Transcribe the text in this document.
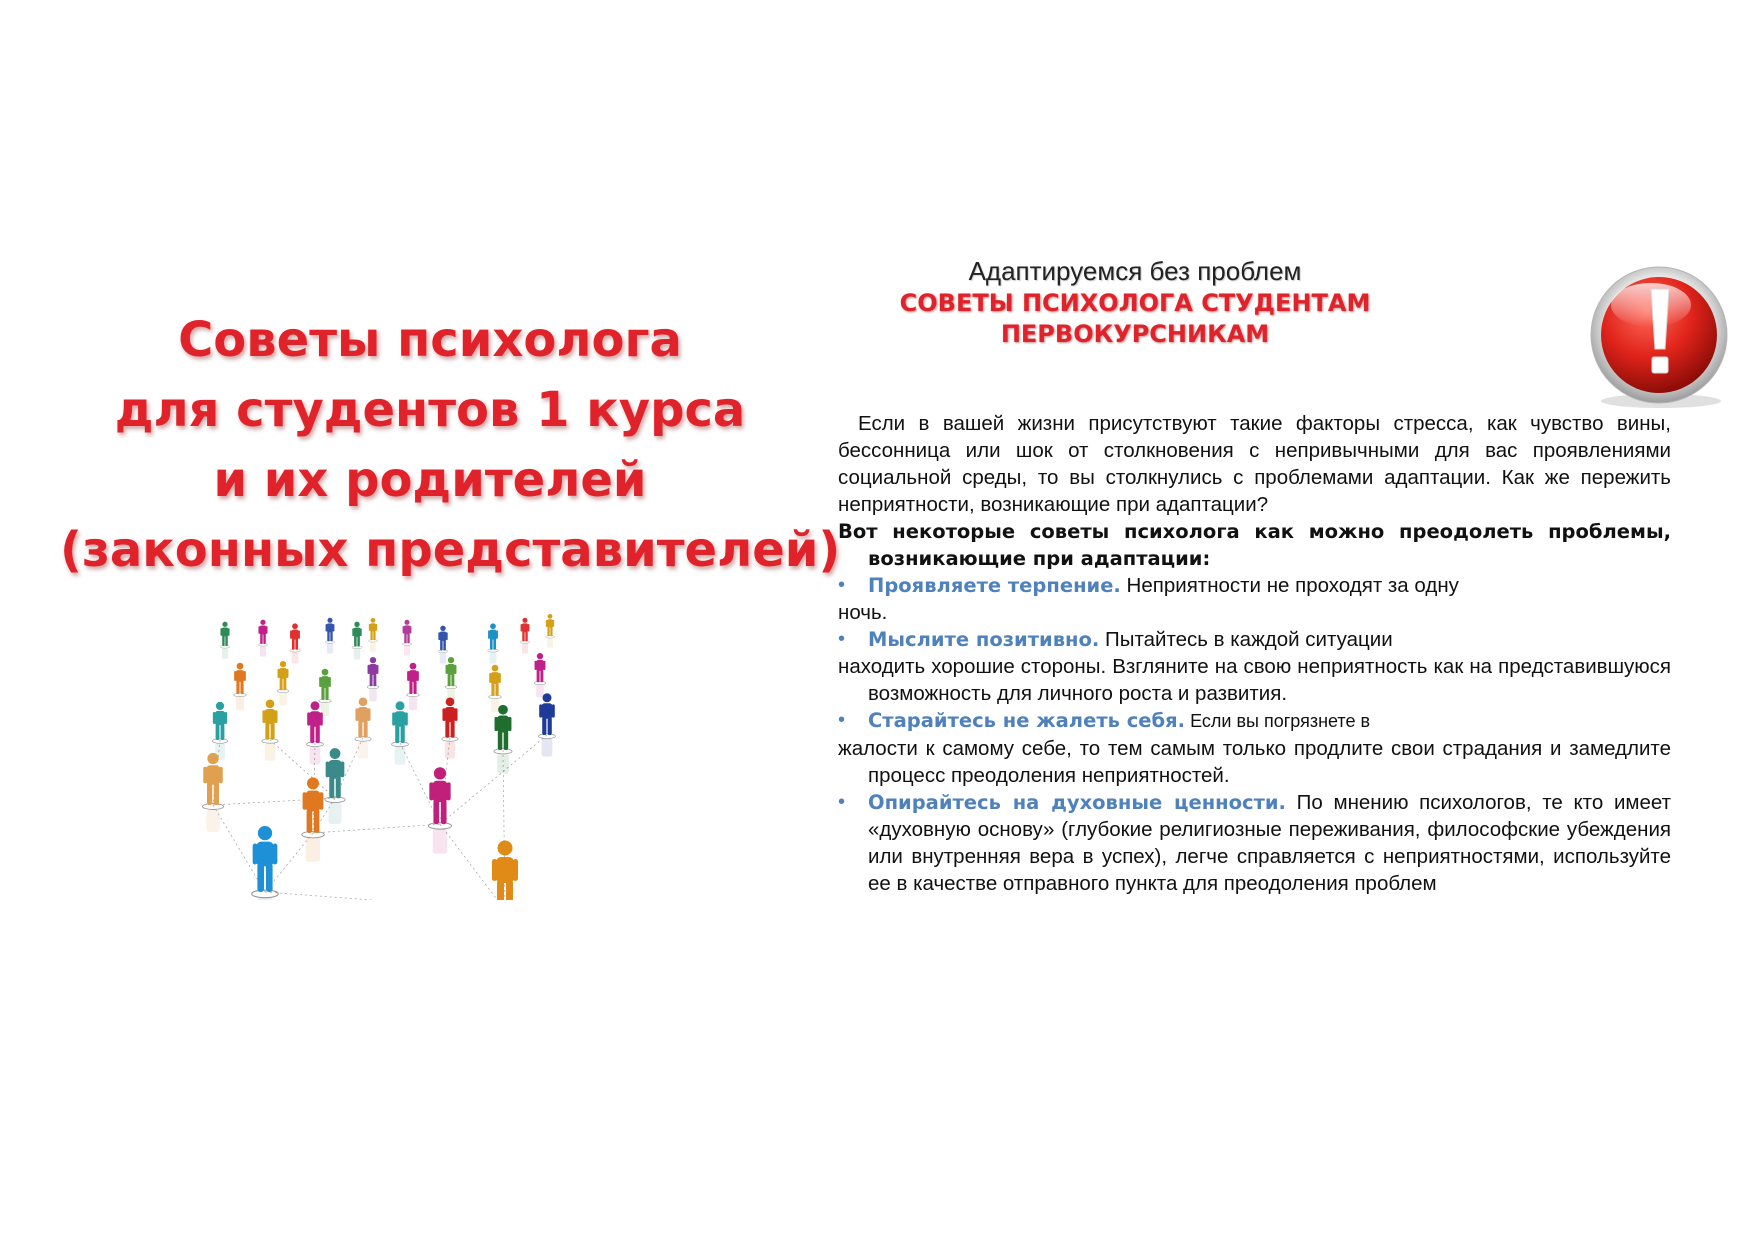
Советы психолога
для студентов 1 курса
и их родителей
(законных представителей)
Адаптируемся без проблем
СОВЕТЫ ПСИХОЛОГА СТУДЕНТАМ
ПЕРВОКУРСНИКАМ

Если в вашей жизни присутствуют такие факторы стресса, как чувство вины, бессонница или шок от столкновения с непривычными для вас проявлениями социальной среды, то вы столкнулись с проблемами адаптации. Как же пережить неприятности, возникающие при адаптации?

Вот некоторые советы психолога как можно преодолеть проблемы, возникающие при адаптации:

• Проявляете терпение. Неприятности не проходят за одну
ночь.
• Мыслите позитивно. Пытайтесь в каждой ситуации
находить хорошие стороны. Взгляните на свою неприятность как на представившуюся возможность для личного роста и развития.
• Старайтесь не жалеть себя. Если вы погрязнете в
жалости к самому себе, то тем самым только продлите свои страдания и замедлите процесс преодоления неприятностей.
• Опирайтесь на духовные ценности. По мнению психологов, те кто имеет «духовную основу» (глубокие религиозные переживания, философские убеждения или внутренняя вера в успех), легче справляется с неприятностями, используйте ее в качестве отправного пункта для преодоления проблем
